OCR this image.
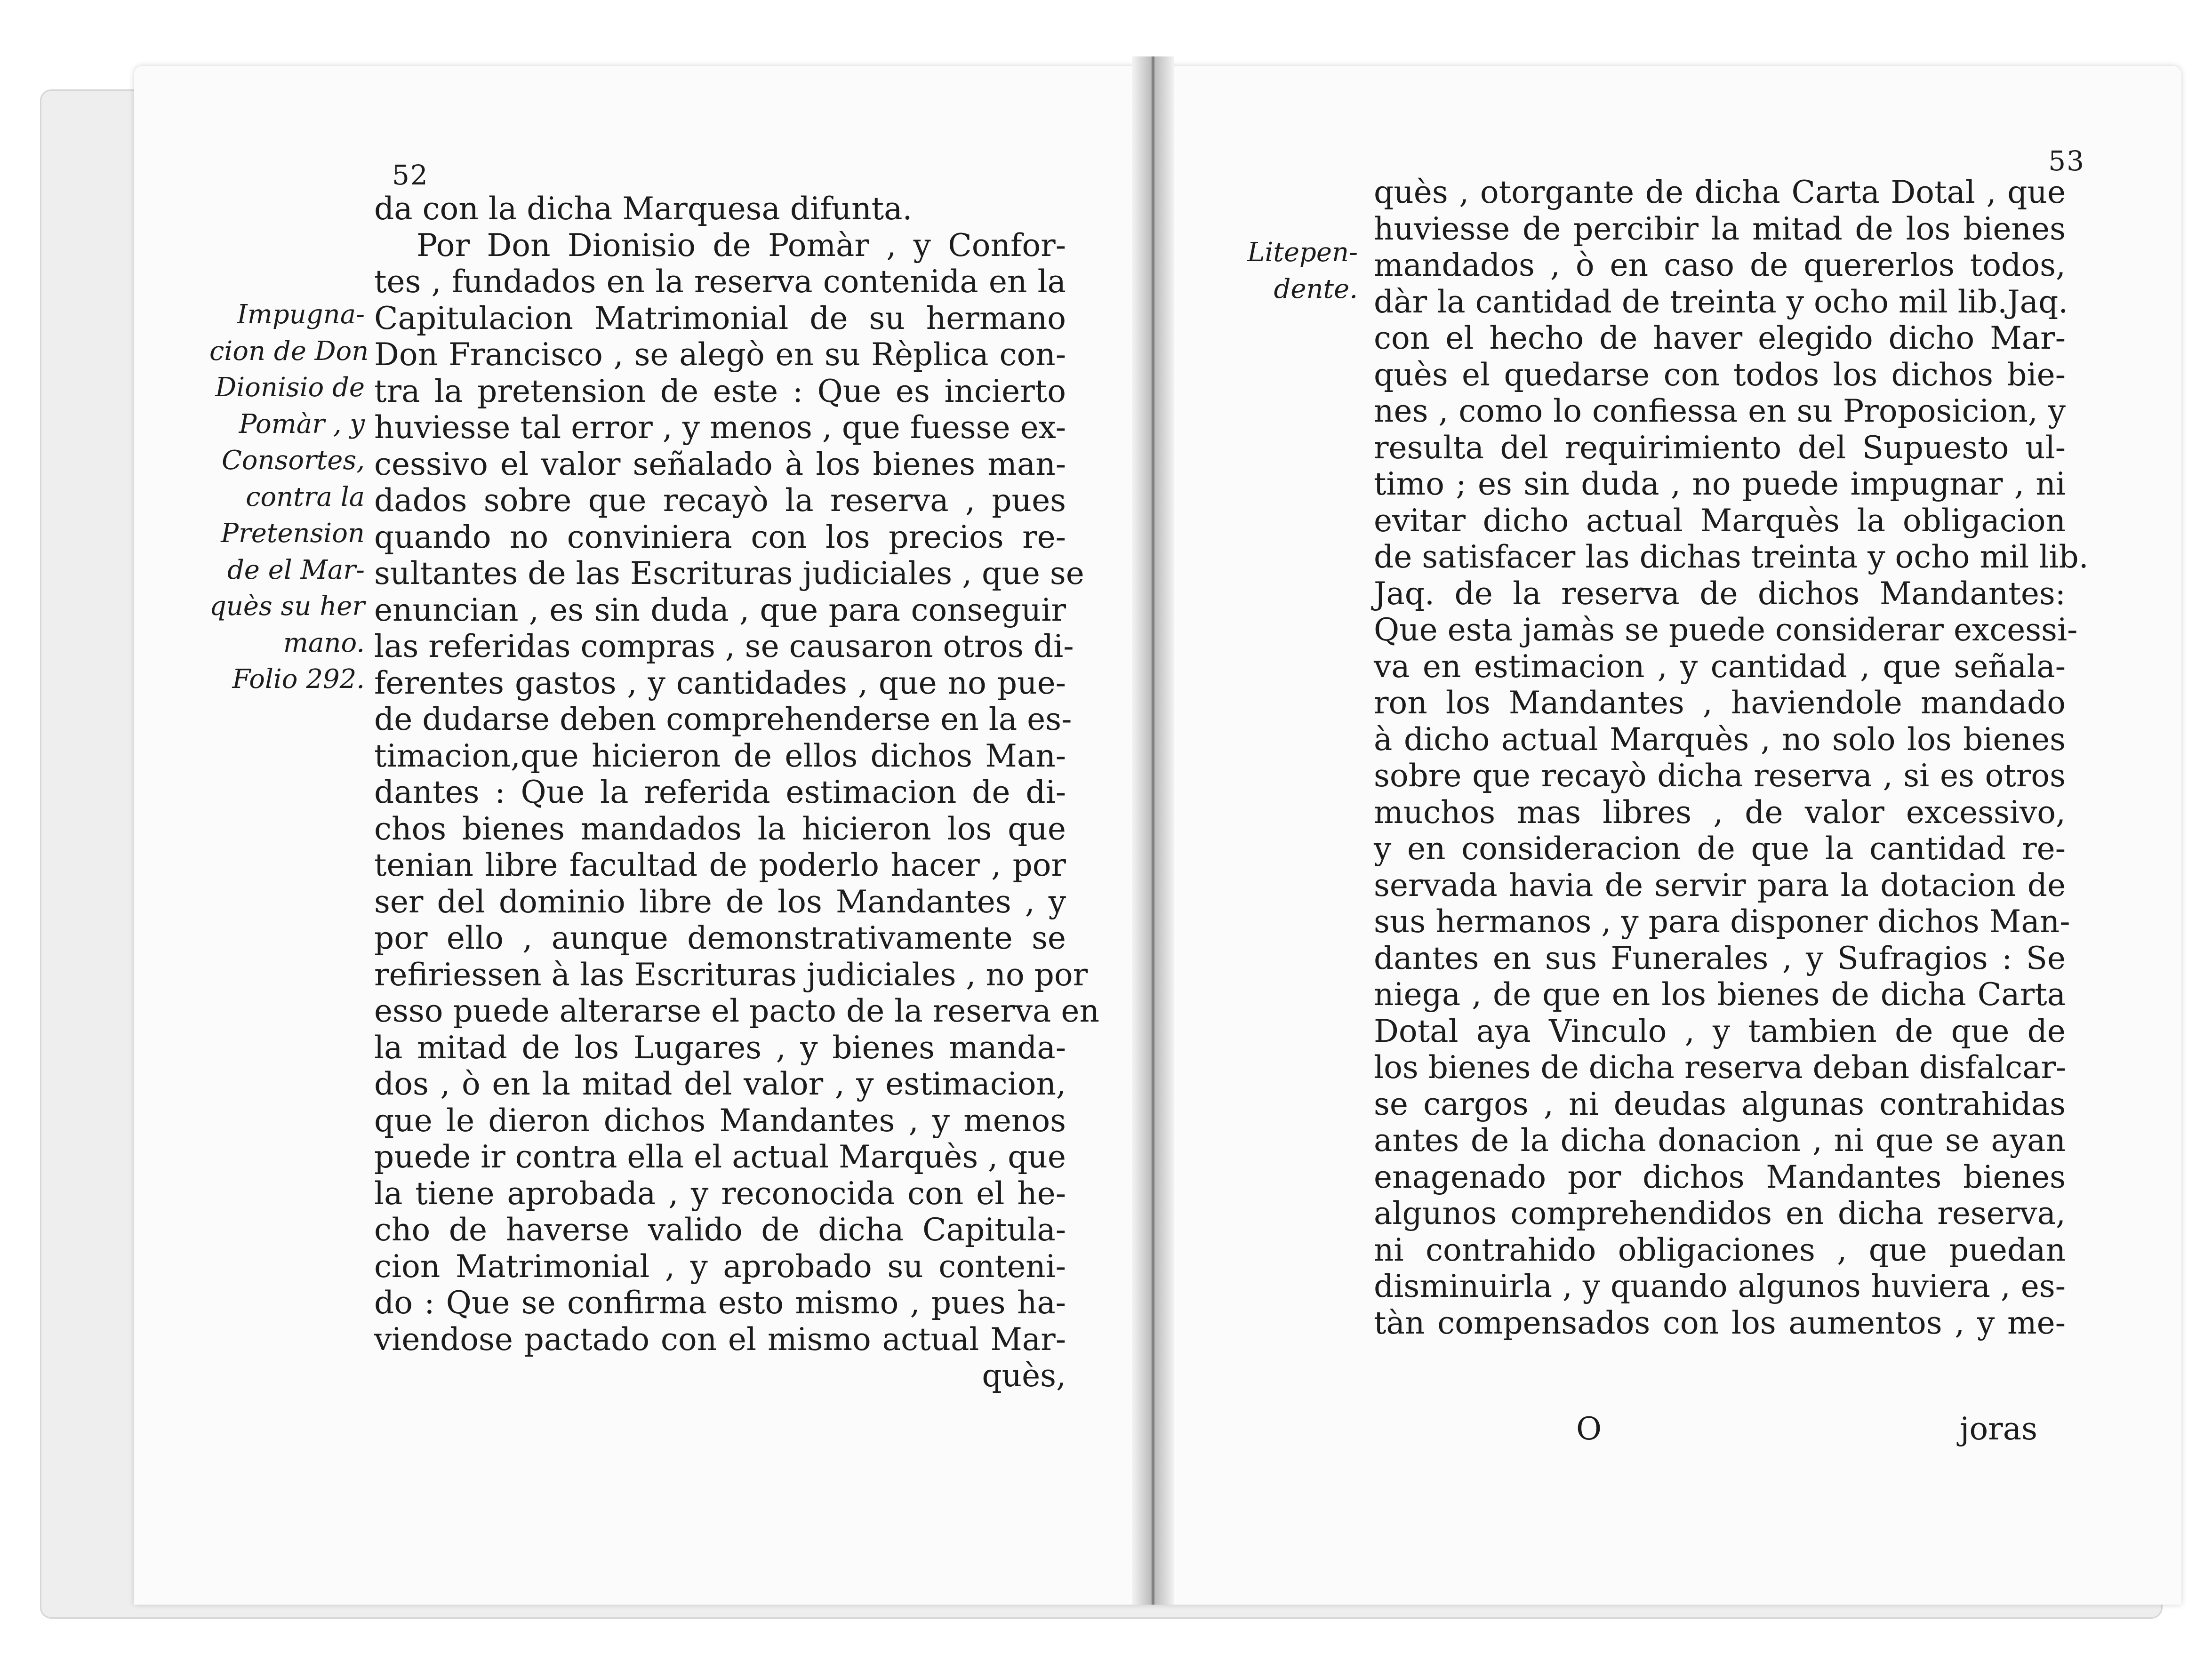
52
Impugna-
cion de Don
Dionisio de
Pomàr , y
Consortes,
contra la
Pretension
de el Mar-
quès su her
mano.
Folio 292.
da con la dicha Marquesa difunta.
Por Don Dionisio de Pomàr , y Confor-
tes , fundados en la reserva contenida en la
Capitulacion Matrimonial de su hermano
Don Francisco , se alegò en su Rèplica con-
tra la pretension de este : Que es incierto
huviesse tal error , y menos , que fuesse ex-
cessivo el valor señalado à los bienes man-
dados sobre que recayò la reserva , pues
quando no conviniera con los precios re-
sultantes de las Escrituras judiciales , que se
enuncian , es sin duda , que para conseguir
las referidas compras , se causaron otros di-
ferentes gastos , y cantidades , que no pue-
de dudarse deben comprehenderse en la es-
timacion,que hicieron de ellos dichos Man-
dantes : Que la referida estimacion de di-
chos bienes mandados la hicieron los que
tenian libre facultad de poderlo hacer , por
ser del dominio libre de los Mandantes , y
por ello , aunque demonstrativamente se
refiriessen à las Escrituras judiciales , no por
esso puede alterarse el pacto de la reserva en
la mitad de los Lugares , y bienes manda-
dos , ò en la mitad del valor , y estimacion,
que le dieron dichos Mandantes , y menos
puede ir contra ella el actual Marquès , que
la tiene aprobada , y reconocida con el he-
cho de haverse valido de dicha Capitula-
cion Matrimonial , y aprobado su conteni-
do : Que se confirma esto mismo , pues ha-
viendose pactado con el mismo actual Mar-
quès,
53
Litepen-
dente.
quès , otorgante de dicha Carta Dotal , que
huviesse de percibir la mitad de los bienes
mandados , ò en caso de quererlos todos,
dàr la cantidad de treinta y ocho mil lib.Jaq.
con el hecho de haver elegido dicho Mar-
quès el quedarse con todos los dichos bie-
nes , como lo confiessa en su Proposicion, y
resulta del requirimiento del Supuesto ul-
timo ; es sin duda , no puede impugnar , ni
evitar dicho actual Marquès la obligacion
de satisfacer las dichas treinta y ocho mil lib.
Jaq. de la reserva de dichos Mandantes:
Que esta jamàs se puede considerar excessi-
va en estimacion , y cantidad , que señala-
ron los Mandantes , haviendole mandado
à dicho actual Marquès , no solo los bienes
sobre que recayò dicha reserva , si es otros
muchos mas libres , de valor excessivo,
y en consideracion de que la cantidad re-
servada havia de servir para la dotacion de
sus hermanos , y para disponer dichos Man-
dantes en sus Funerales , y Sufragios : Se
niega , de que en los bienes de dicha Carta
Dotal aya Vinculo , y tambien de que de
los bienes de dicha reserva deban disfalcar-
se cargos , ni deudas algunas contrahidas
antes de la dicha donacion , ni que se ayan
enagenado por dichos Mandantes bienes
algunos comprehendidos en dicha reserva,
ni contrahido obligaciones , que puedan
disminuirla , y quando algunos huviera , es-
tàn compensados con los aumentos , y me-
O	joras
